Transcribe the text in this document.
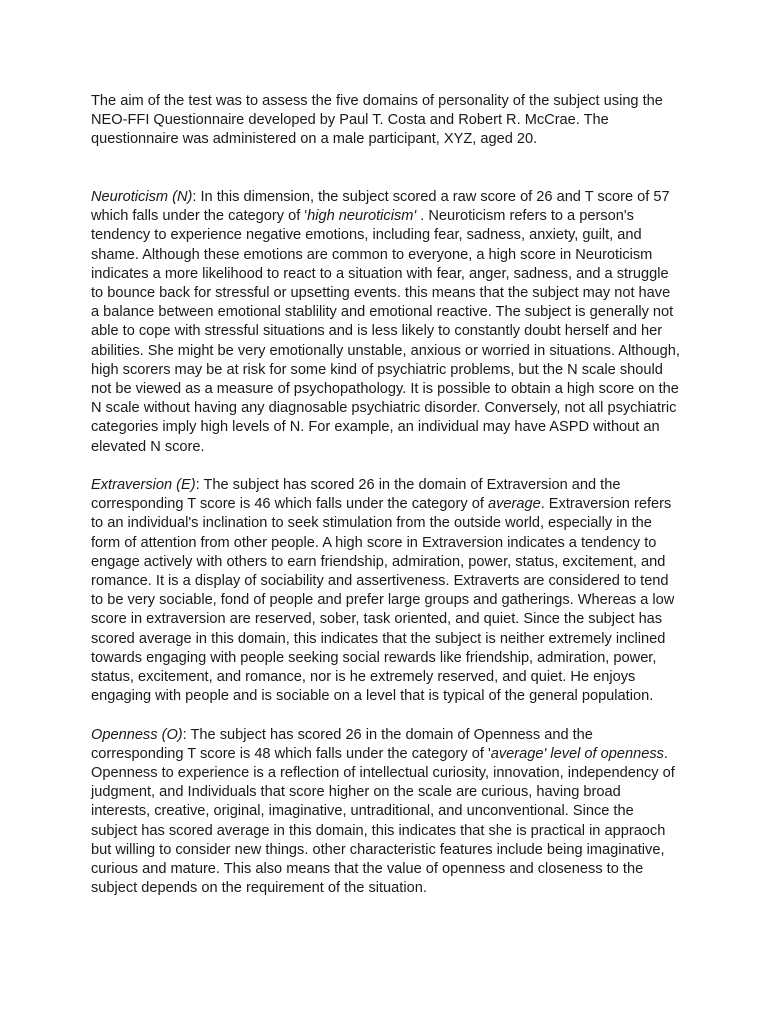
The aim of the test was to assess the five domains of personality of the subject using the NEO-FFI Questionnaire developed by Paul T. Costa and Robert R. McCrae. The questionnaire was administered on a male participant, XYZ, aged 20.

Neuroticism (N): In this dimension, the subject scored a raw score of 26 and T score of 57 which falls under the category of 'high neuroticism' . Neuroticism refers to a person's tendency to experience negative emotions, including fear, sadness, anxiety, guilt, and shame. Although these emotions are common to everyone, a high score in Neuroticism indicates a more likelihood to react to a situation with fear, anger, sadness, and a struggle to bounce back for stressful or upsetting events. this means that the subject may not have a balance between emotional stablility and emotional reactive. The subject is generally not able to cope with stressful situations and is less likely to constantly doubt herself and her abilities. She might be very emotionally unstable, anxious or worried in situations. Although, high scorers may be at risk for some kind of psychiatric problems, but the N scale should not be viewed as a measure of psychopathology. It is possible to obtain a high score on the N scale without having any diagnosable psychiatric disorder. Conversely, not all psychiatric categories imply high levels of N. For example, an individual may have ASPD without an elevated N score.

Extraversion (E): The subject has scored 26 in the domain of Extraversion and the corresponding T score is 46 which falls under the category of average. Extraversion refers to an individual's inclination to seek stimulation from the outside world, especially in the form of attention from other people. A high score in Extraversion indicates a tendency to engage actively with others to earn friendship, admiration, power, status, excitement, and romance. It is a display of sociability and assertiveness. Extraverts are considered to tend to be very sociable, fond of people and prefer large groups and gatherings. Whereas a low score in extraversion are reserved, sober, task oriented, and quiet. Since the subject has scored average in this domain, this indicates that the subject is neither extremely inclined towards engaging with people seeking social rewards like friendship, admiration, power, status, excitement, and romance, nor is he extremely reserved, and quiet. He enjoys engaging with people and is sociable on a level that is typical of the general population.

Openness (O): The subject has scored 26 in the domain of Openness and the corresponding T score is 48 which falls under the category of 'average' level of openness. Openness to experience is a reflection of intellectual curiosity, innovation, independency of judgment, and Individuals that score higher on the scale are curious, having broad interests, creative, original, imaginative, untraditional, and unconventional. Since the subject has scored average in this domain, this indicates that she is practical in appraoch but willing to consider new things. other characteristic features include being imaginative, curious and mature. This also means that the value of openness and closeness to the subject depends on the requirement of the situation.
